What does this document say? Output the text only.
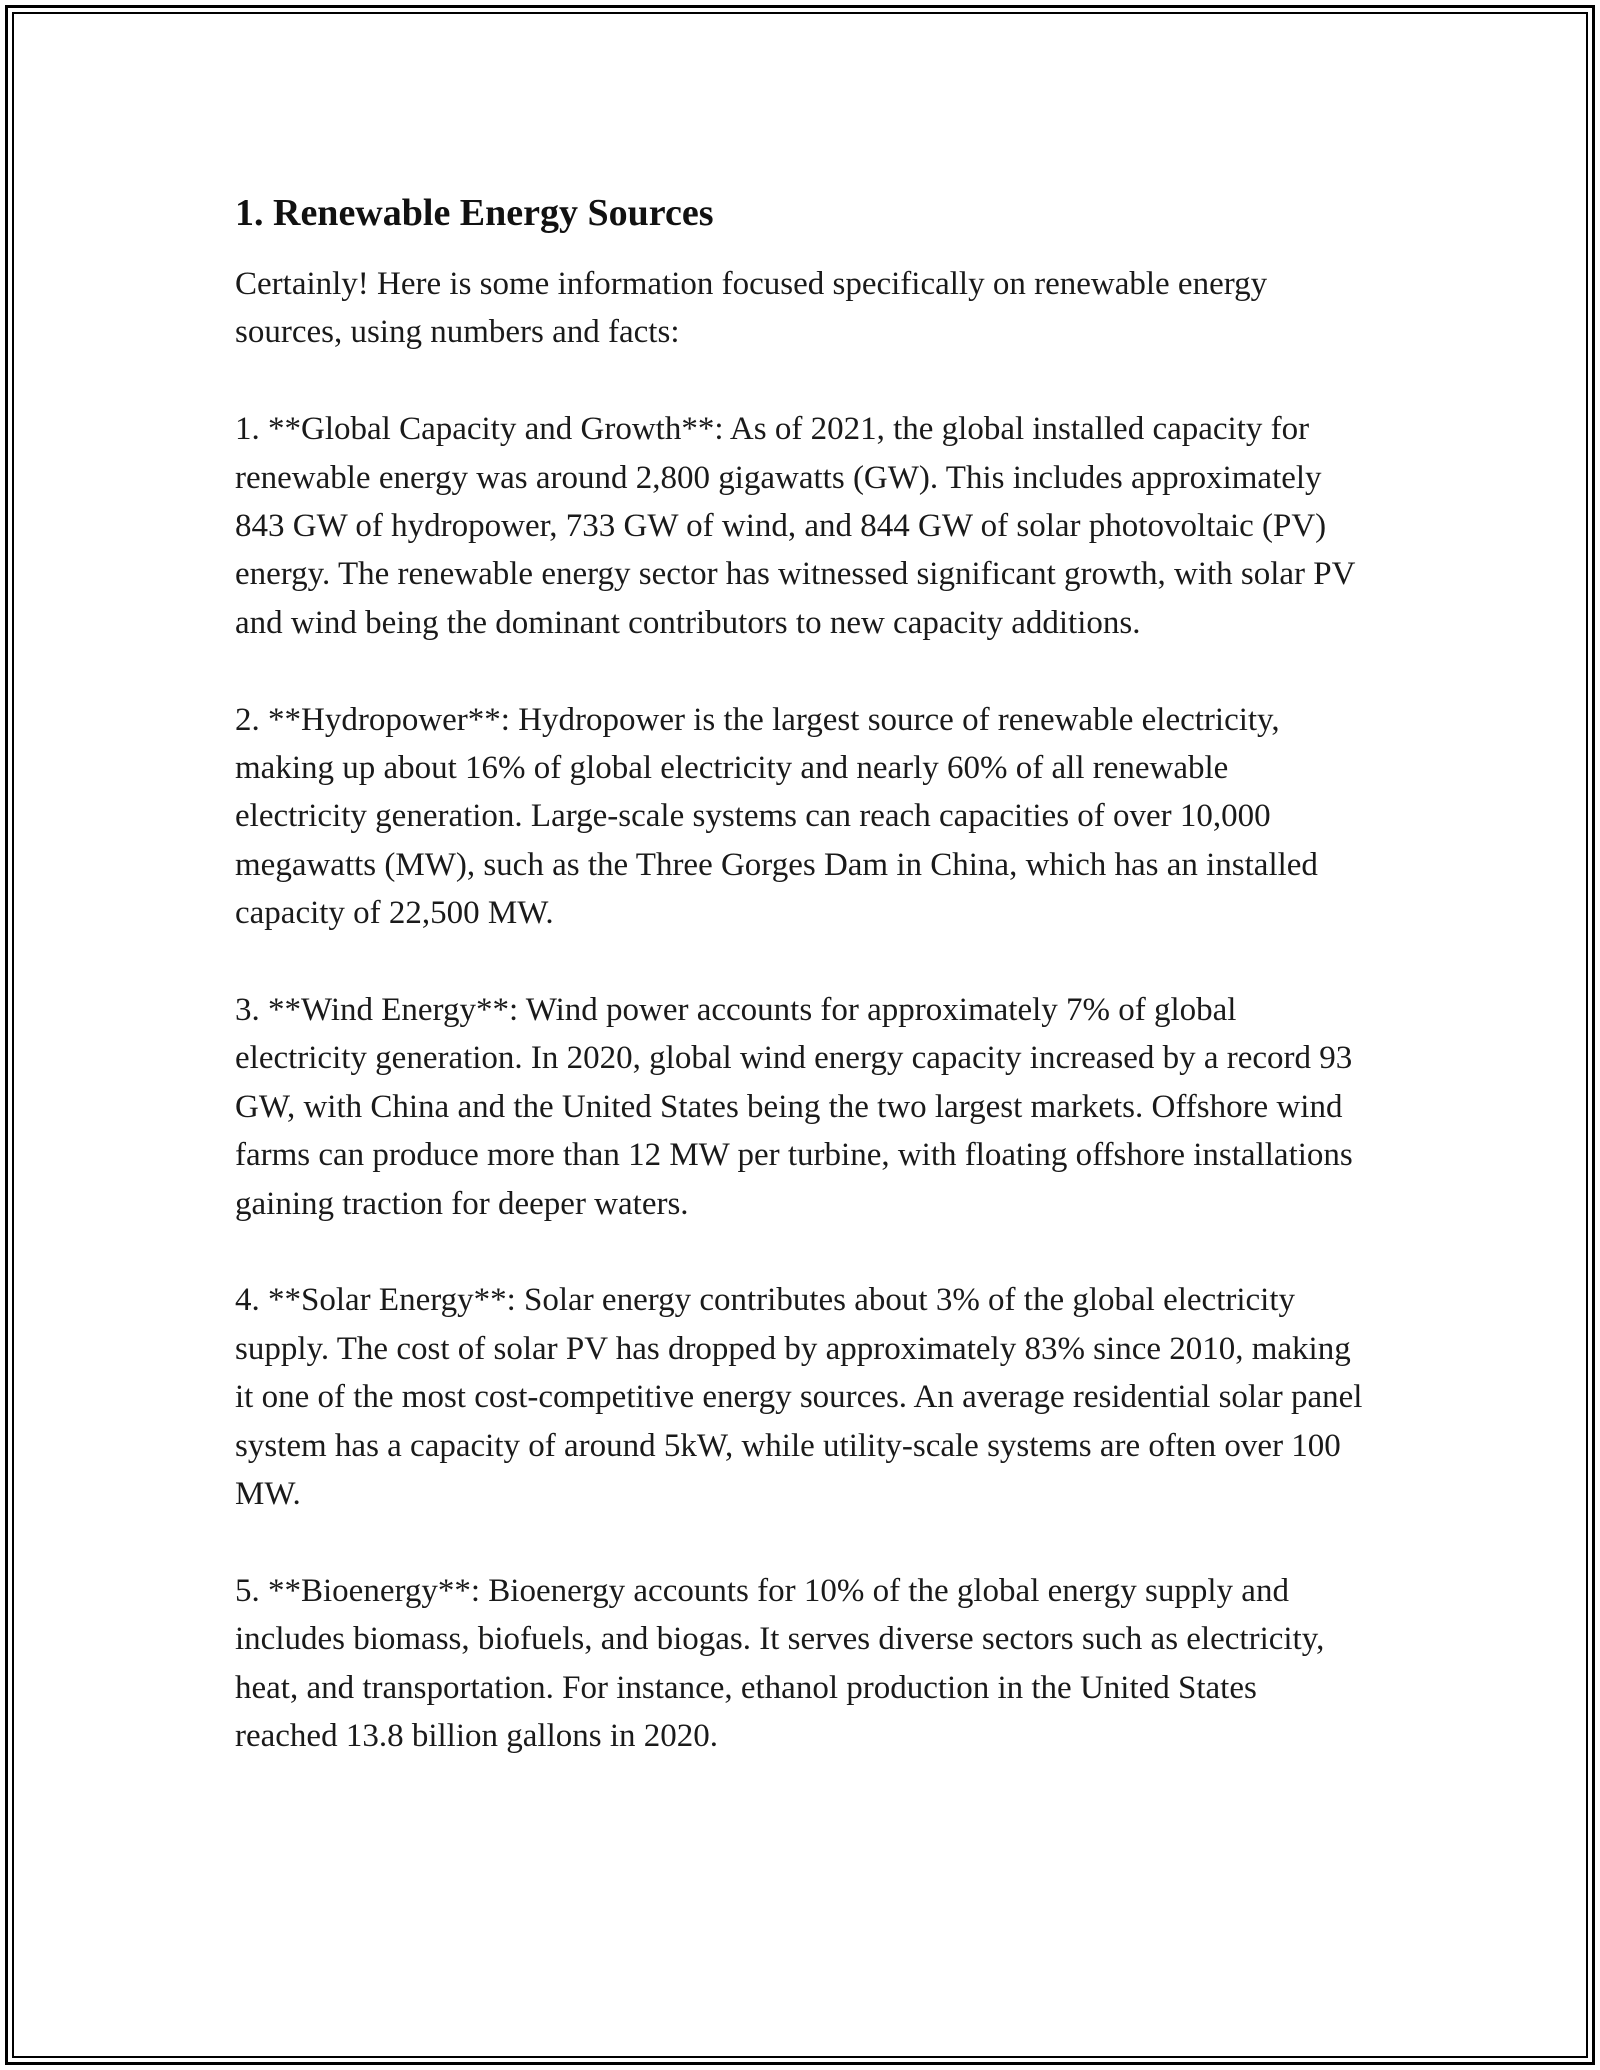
1. Renewable Energy Sources

Certainly! Here is some information focused specifically on renewable energy sources, using numbers and facts:

1. **Global Capacity and Growth**: As of 2021, the global installed capacity for renewable energy was around 2,800 gigawatts (GW). This includes approximately 843 GW of hydropower, 733 GW of wind, and 844 GW of solar photovoltaic (PV) energy. The renewable energy sector has witnessed significant growth, with solar PV and wind being the dominant contributors to new capacity additions.

2. **Hydropower**: Hydropower is the largest source of renewable electricity, making up about 16% of global electricity and nearly 60% of all renewable electricity generation. Large-scale systems can reach capacities of over 10,000 megawatts (MW), such as the Three Gorges Dam in China, which has an installed capacity of 22,500 MW.

3. **Wind Energy**: Wind power accounts for approximately 7% of global electricity generation. In 2020, global wind energy capacity increased by a record 93 GW, with China and the United States being the two largest markets. Offshore wind farms can produce more than 12 MW per turbine, with floating offshore installations gaining traction for deeper waters.

4. **Solar Energy**: Solar energy contributes about 3% of the global electricity supply. The cost of solar PV has dropped by approximately 83% since 2010, making it one of the most cost-competitive energy sources. An average residential solar panel system has a capacity of around 5kW, while utility-scale systems are often over 100 MW.

5. **Bioenergy**: Bioenergy accounts for 10% of the global energy supply and includes biomass, biofuels, and biogas. It serves diverse sectors such as electricity, heat, and transportation. For instance, ethanol production in the United States reached 13.8 billion gallons in 2020.
